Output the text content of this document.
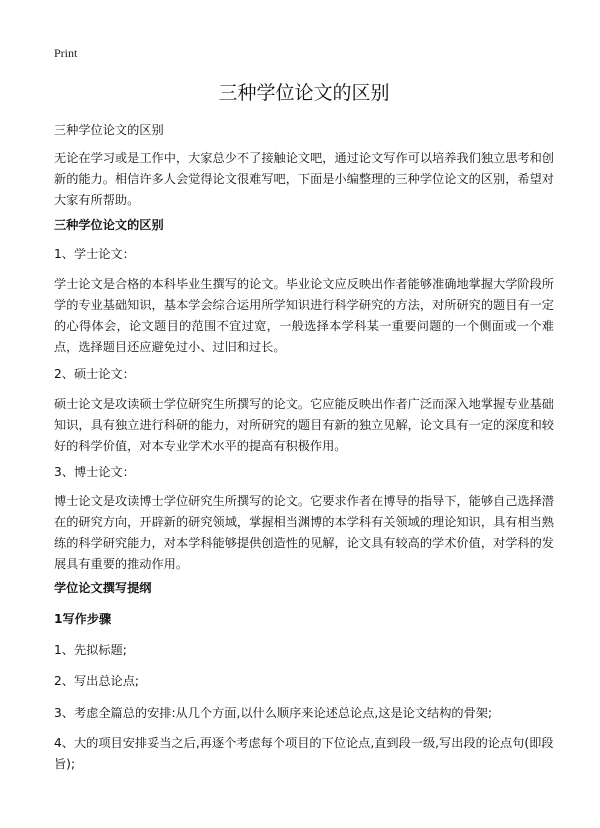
Print
三种学位论文的区别

三种学位论文的区别

无论在学习或是工作中，大家总少不了接触论文吧，通过论文写作可以培养我们独立思考和创新的能力。相信许多人会觉得论文很难写吧，下面是小编整理的三种学位论文的区别，希望对大家有所帮助。

三种学位论文的区别

1、学士论文：

学士论文是合格的本科毕业生撰写的论文。毕业论文应反映出作者能够准确地掌握大学阶段所学的专业基础知识，基本学会综合运用所学知识进行科学研究的方法，对所研究的题目有一定的心得体会，论文题目的范围不宜过宽，一般选择本学科某一重要问题的一个侧面或一个难点，选择题目还应避免过小、过旧和过长。

2、硕士论文：

硕士论文是攻读硕士学位研究生所撰写的论文。它应能反映出作者广泛而深入地掌握专业基础知识，具有独立进行科研的能力，对所研究的题目有新的独立见解，论文具有一定的深度和较好的科学价值，对本专业学术水平的提高有积极作用。

3、博士论文：

博士论文是攻读博士学位研究生所撰写的论文。它要求作者在博导的指导下，能够自己选择潜在的研究方向，开辟新的研究领域，掌握相当渊博的本学科有关领域的理论知识，具有相当熟练的科学研究能力，对本学科能够提供创造性的见解，论文具有较高的学术价值，对学科的发展具有重要的推动作用。

学位论文撰写提纲

1写作步骤

1、先拟标题;

2、写出总论点;

3、考虑全篇总的安排:从几个方面,以什么顺序来论述总论点,这是论文结构的骨架;

4、大的项目安排妥当之后,再逐个考虑每个项目的下位论点,直到段一级,写出段的论点句(即段旨);
